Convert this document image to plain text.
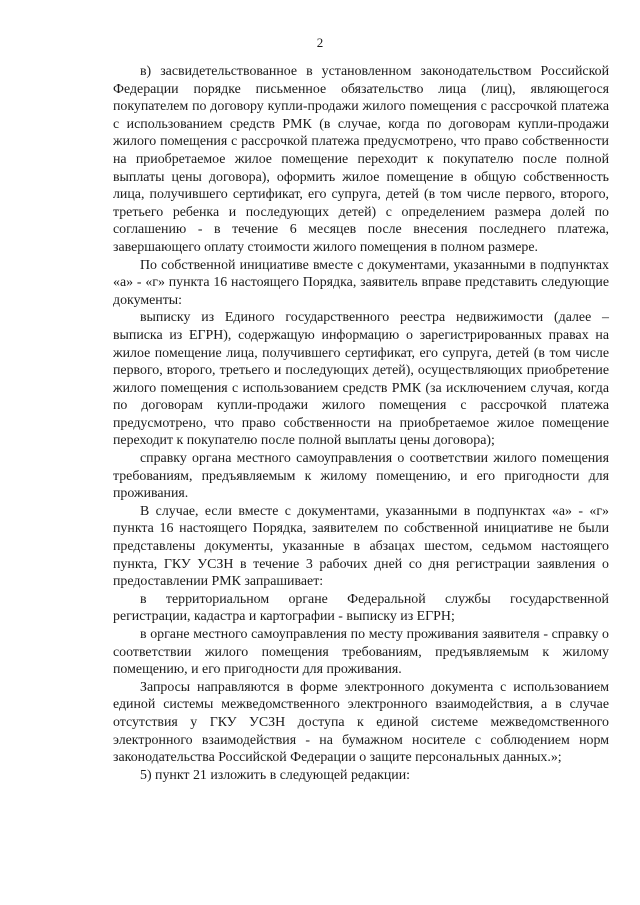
2

в) засвидетельствованное в установленном законодательством Российской Федерации порядке письменное обязательство лица (лиц), являющегося покупателем по договору купли-продажи жилого помещения с рассрочкой платежа с использованием средств РМК (в случае, когда по договорам купли-продажи жилого помещения с рассрочкой платежа предусмотрено, что право собственности на приобретаемое жилое помещение переходит к покупателю после полной выплаты цены договора), оформить жилое помещение в общую собственность лица, получившего сертификат, его супруга, детей (в том числе первого, второго, третьего ребенка и последующих детей) с определением размера долей по соглашению - в течение 6 месяцев после внесения последнего платежа, завершающего оплату стоимости жилого помещения в полном размере.

По собственной инициативе вместе с документами, указанными в подпунктах «а» - «г» пункта 16 настоящего Порядка, заявитель вправе представить следующие документы:

выписку из Единого государственного реестра недвижимости (далее – выписка из ЕГРН), содержащую информацию о зарегистрированных правах на жилое помещение лица, получившего сертификат, его супруга, детей (в том числе первого, второго, третьего и последующих детей), осуществляющих приобретение жилого помещения с использованием средств РМК (за исключением случая, когда по договорам купли-продажи жилого помещения с рассрочкой платежа предусмотрено, что право собственности на приобретаемое жилое помещение переходит к покупателю после полной выплаты цены договора);

справку органа местного самоуправления о соответствии жилого помещения требованиям, предъявляемым к жилому помещению, и его пригодности для проживания.

В случае, если вместе с документами, указанными в подпунктах «а» - «г» пункта 16 настоящего Порядка, заявителем по собственной инициативе не были представлены документы, указанные в абзацах шестом, седьмом настоящего пункта, ГКУ УСЗН в течение 3 рабочих дней со дня регистрации заявления о предоставлении РМК запрашивает:

в территориальном органе Федеральной службы государственной регистрации, кадастра и картографии - выписку из ЕГРН;

в органе местного самоуправления по месту проживания заявителя - справку о соответствии жилого помещения требованиям, предъявляемым к жилому помещению, и его пригодности для проживания.

Запросы направляются в форме электронного документа с использованием единой системы межведомственного электронного взаимодействия, а в случае отсутствия у ГКУ УСЗН доступа к единой системе межведомственного электронного взаимодействия - на бумажном носителе с соблюдением норм законодательства Российской Федерации о защите персональных данных.»;

5) пункт 21 изложить в следующей редакции:
